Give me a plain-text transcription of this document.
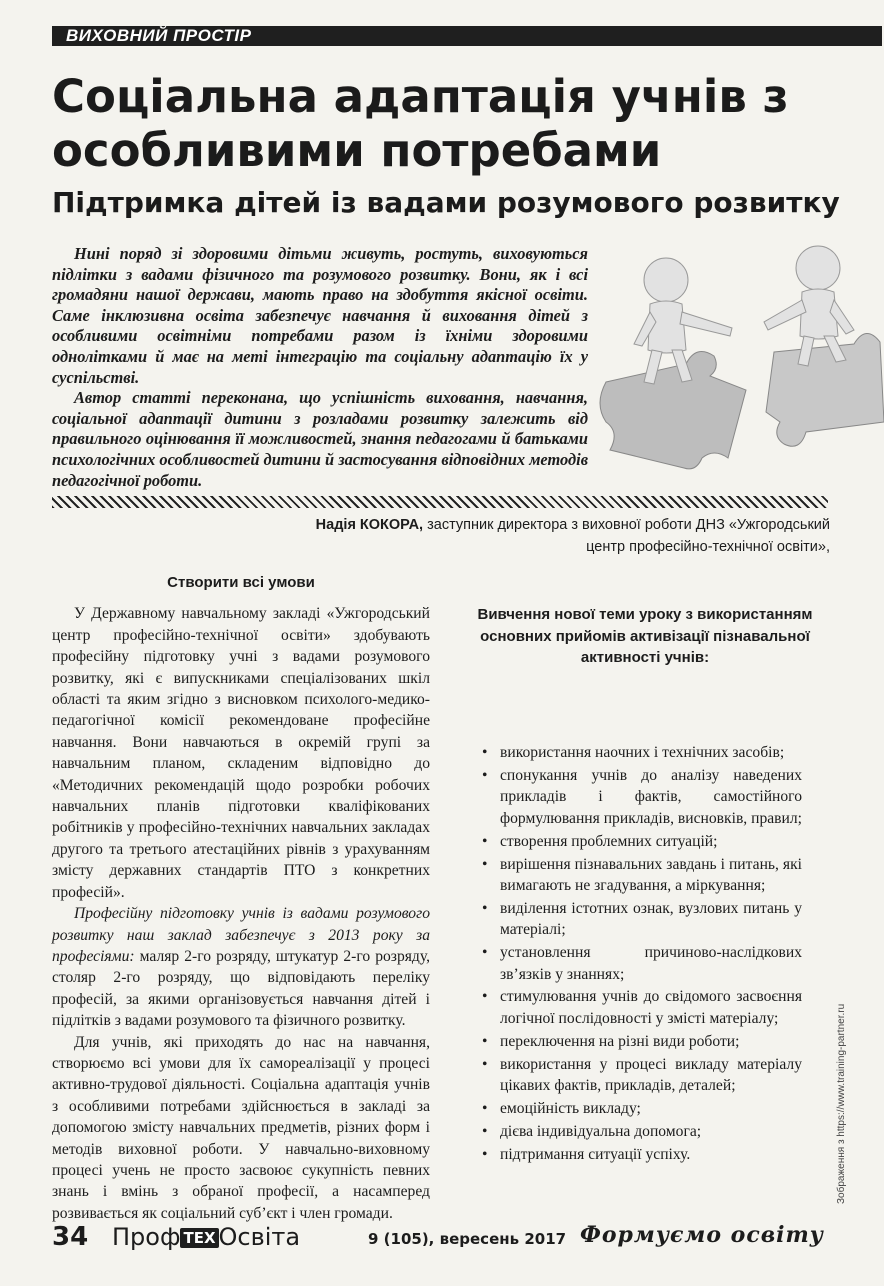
ВИХОВНИЙ ПРОСТІР
Соціальна адаптація учнів з особливими потребами
Підтримка дітей із вадами розумового розвитку

Нині поряд зі здоровими дітьми живуть, ростуть, виховуються підлітки з вадами фізичного та розумового розвитку. Вони, як і всі громадяни нашої держави, мають право на здобуття якісної освіти. Саме інклюзивна освіта забезпечує навчання й виховання дітей з особливими освітніми потребами разом із їхніми здоровими однолітками й має на меті інтеграцію та соціальну адаптацію їх у суспільстві.

Автор статті переконана, що успішність виховання, навчання, соціальної адаптації дитини з розладами розвитку залежить від правильного оцінювання її можливостей, знання педагогами й батьками психологічних особливостей дитини й застосування відповідних методів педагогічної роботи.

Надія КОКОРА, заступник директора з виховної роботи ДНЗ «Ужгородський центр професійно-технічної освіти»,
Створити всі умови

У Державному навчальному закладі «Ужгородський центр професійно-технічної освіти» здобувають професійну підготовку учні з вадами розумового розвитку, які є випускниками спеціалізованих шкіл області та яким згідно з висновком психолого-медико-педагогічної комісії рекомендоване професійне навчання. Вони навчаються в окремій групі за навчальним планом, складеним відповідно до «Методичних рекомендацій щодо розробки робочих навчальних планів підготовки кваліфікованих робітників у професійно-технічних навчальних закладах другого та третього атестаційних рівнів з урахуванням змісту державних стандартів ПТО з конкретних професій».

Професійну підготовку учнів із вадами розумового розвитку наш заклад забезпечує з 2013 року за професіями: маляр 2-го розряду, штукатур 2-го розряду, столяр 2-го розряду, що відповідають переліку професій, за якими організовується навчання дітей і підлітків з вадами розумового та фізичного розвитку.

Для учнів, які приходять до нас на навчання, створюємо всі умови для їх самореалізації у процесі активно-трудової діяльності. Соціальна адаптація учнів з особливими потребами здійснюється в закладі за допомогою змісту навчальних предметів, різних форм і методів виховної роботи. У навчально-виховному процесі учень не просто засвоює сукупність певних знань і вмінь з обраної професії, а насамперед розвивається як соціальний суб’єкт і член громади.

Вивчення нової теми уроку з використанням основних прийомів активізації пізнавальної активності учнів:
• використання наочних і технічних засобів;
• спонукання учнів до аналізу наведених прикладів і фактів, самостійного формулювання прикладів, висновків, правил;
• створення проблемних ситуацій;
• вирішення пізнавальних завдань і питань, які вимагають не згадування, а міркування;
• виділення істотних ознак, вузлових питань у матеріалі;
• установлення причиново-наслідкових зв’язків у знаннях;
• стимулювання учнів до свідомого засвоєння логічної послідовності у змісті матеріалу;
• переключення на різні види роботи;
• використання у процесі викладу матеріалу цікавих фактів, прикладів, деталей;
• емоційність викладу;
• дієва індивідуальна допомога;
• підтримання ситуації успіху.	Зображення з https://www.training-partner.ru
34 Проф ТЕХ Освіта	9 (105), вересень 2017 Формуємо освіту
